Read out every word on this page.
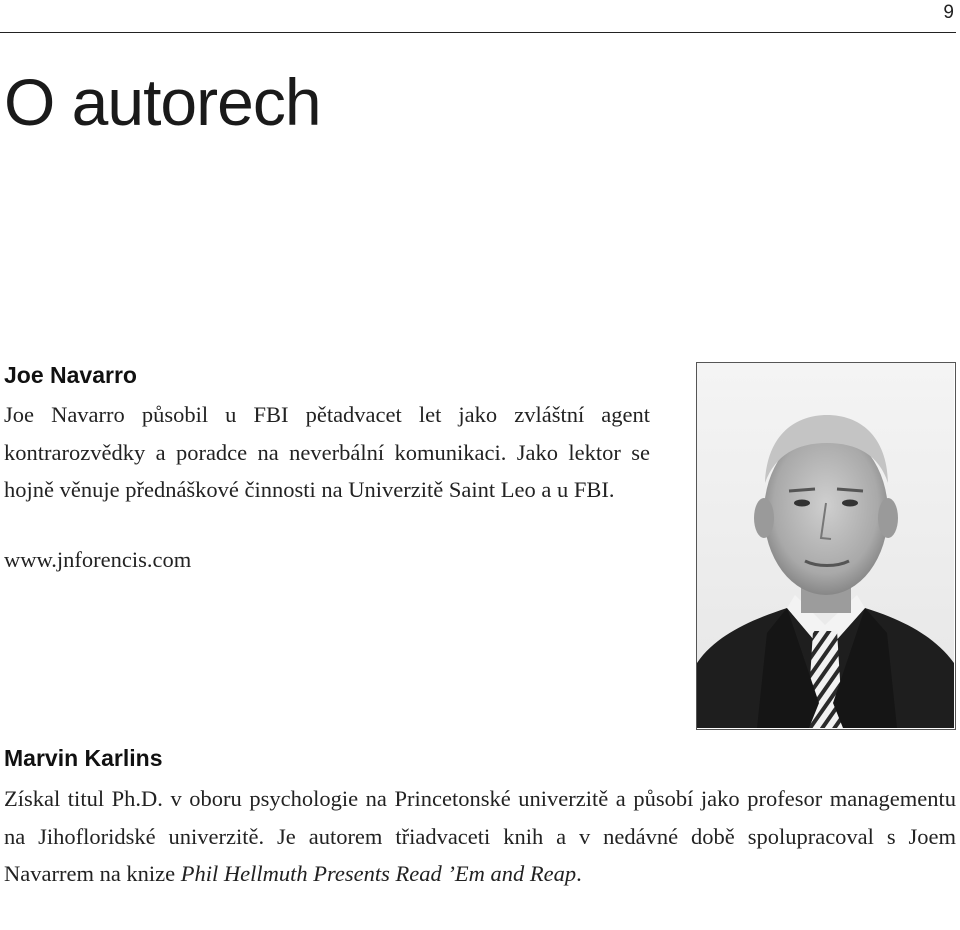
9
O autorech
Joe Navarro

Joe Navarro působil u FBI pětadvacet let jako zvláštní agent kontrarozvědky a poradce na neverbální komunikaci. Jako lektor se hojně věnuje přednáškové činnosti na Univerzitě Saint Leo a u FBI.

www.jnforencis.com
Marvin Karlins

Získal titul Ph.D. v oboru psychologie na Princetonské univerzitě a působí jako profesor managementu na Jihofloridské univerzitě. Je autorem třiadvaceti knih a v nedávné době spolupracoval s Joem Navarrem na knize Phil Hellmuth Presents Read ’Em and Reap.
